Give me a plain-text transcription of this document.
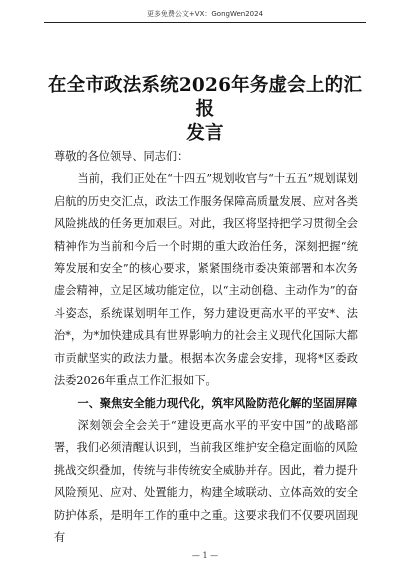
更多免费公文+VX：GongWen2024
在全市政法系统2026年务虚会上的汇报
发言

尊敬的各位领导、同志们：

当前，我们正处在“十四五”规划收官与“十五五”规划谋划启航的历史交汇点，政法工作服务保障高质量发展、应对各类风险挑战的任务更加艰巨。对此，我区将坚持把学习贯彻全会精神作为当前和今后一个时期的重大政治任务，深刻把握“统筹发展和安全”的核心要求，紧紧围绕市委决策部署和本次务虚会精神，立足区域功能定位，以“主动创稳、主动作为”的奋斗姿态，系统谋划明年工作，努力建设更高水平的平安*、法治*，为*加快建成具有世界影响力的社会主义现代化国际大都市贡献坚实的政法力量。根据本次务虚会安排，现将*区委政法委2026年重点工作汇报如下。

一、聚焦安全能力现代化，筑牢风险防范化解的坚固屏障

深刻领会全会关于“建设更高水平的平安中国”的战略部署，我们必须清醒认识到，当前我区维护安全稳定面临的风险挑战交织叠加，传统与非传统安全威胁并存。因此，着力提升风险预见、应对、处置能力，构建全域联动、立体高效的安全防护体系，是明年工作的重中之重。这要求我们不仅要巩固现有

— 1 —
